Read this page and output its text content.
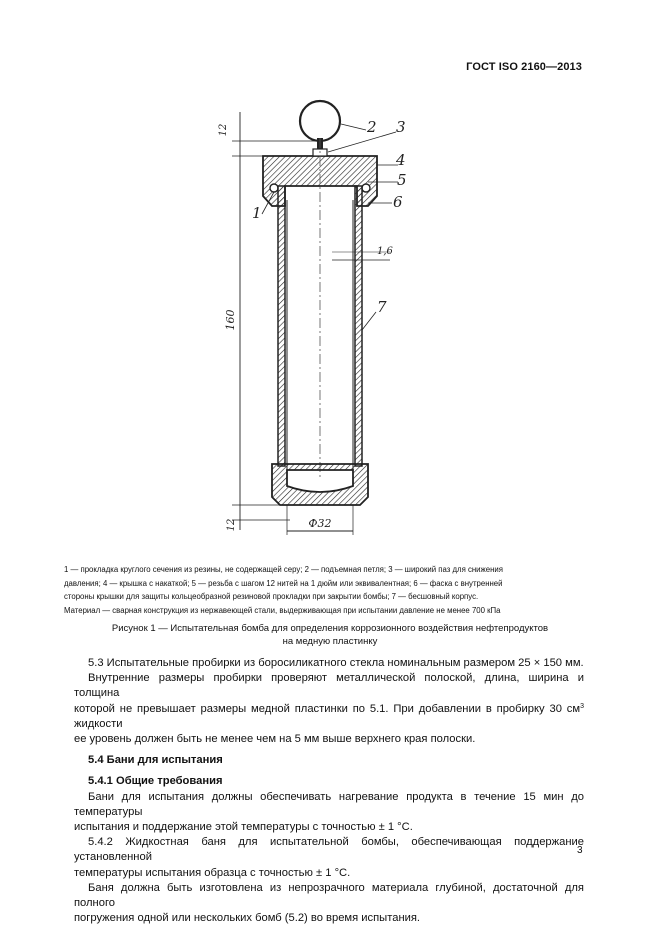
ГОСТ ISO 2160—2013
12
160
12
1,6
Ф32
1
2 3
4
5
6
7

1 — прокладка круглого сечения из резины, не содержащей серу; 2 — подъемная петля; 3 — широкий паз для снижения

давления; 4 — крышка с накаткой; 5 — резьба с шагом 12 нитей на 1 дюйм или эквивалентная; 6 — фаска с внутренней

стороны крышки для защиты кольцеобразной резиновой прокладки при закрытии бомбы; 7 — бесшовный корпус.

Материал — сварная конструкция из нержавеющей стали, выдерживающая при испытании давление не менее 700 кПа

Рисунок 1 — Испытательная бомба для определения коррозионного воздействия нефтепродуктов
на медную пластинку

5.3 Испытательные пробирки из боросиликатного стекла номинальным размером 25 × 150 мм.

Внутренние размеры пробирки проверяют металлической полоской, длина, ширина и толщина

которой не превышает размеры медной пластинки по 5.1. При добавлении в пробирку 30 $см^3$ жидкости

ее уровень должен быть не менее чем на 5 мм выше верхнего края полоски.

5.4 Бани для испытания

5.4.1 Общие требования

Бани для испытания должны обеспечивать нагревание продукта в течение 15 мин до температуры

испытания и поддержание этой температуры с точностью ± 1 °С.

5.4.2 Жидкостная баня для испытательной бомбы, обеспечивающая поддержание установленной

температуры испытания образца с точностью ± 1 °С.

Баня должна быть изготовлена из непрозрачного материала глубиной, достаточной для полного

погружения одной или нескольких бомб (5.2) во время испытания.

3
